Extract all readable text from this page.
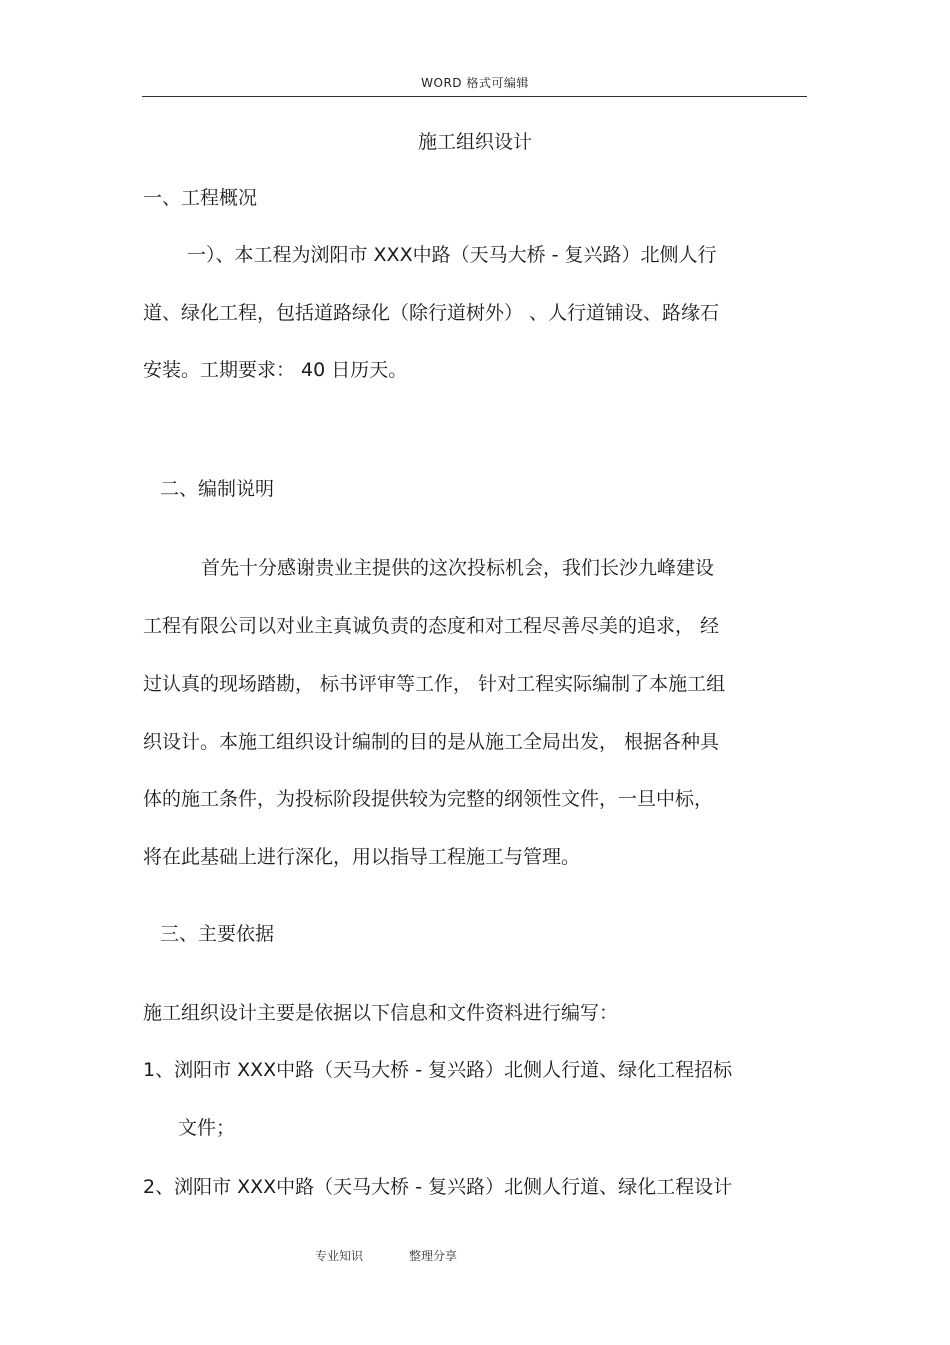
WORD 格式可编辑
施工组织设计
一、工程概况
一）、本工程为浏阳市 XXX中路（天马大桥 - 复兴路）北侧人行
道、绿化工程，包括道路绿化（除行道树外） 、人行道铺设、路缘石
安装。工期要求： 40 日历天。
二、编制说明
首先十分感谢贵业主提供的这次投标机会，我们长沙九峰建设
工程有限公司以对业主真诚负责的态度和对工程尽善尽美的追求， 经
过认真的现场踏勘， 标书评审等工作， 针对工程实际编制了本施工组
织设计。本施工组织设计编制的目的是从施工全局出发， 根据各种具
体的施工条件，为投标阶段提供较为完整的纲领性文件，一旦中标，
将在此基础上进行深化，用以指导工程施工与管理。
三、主要依据
施工组织设计主要是依据以下信息和文件资料进行编写：
1、浏阳市 XXX中路（天马大桥 - 复兴路）北侧人行道、绿化工程招标
文件；
2、浏阳市 XXX中路（天马大桥 - 复兴路）北侧人行道、绿化工程设计
专业知识	整理分享
